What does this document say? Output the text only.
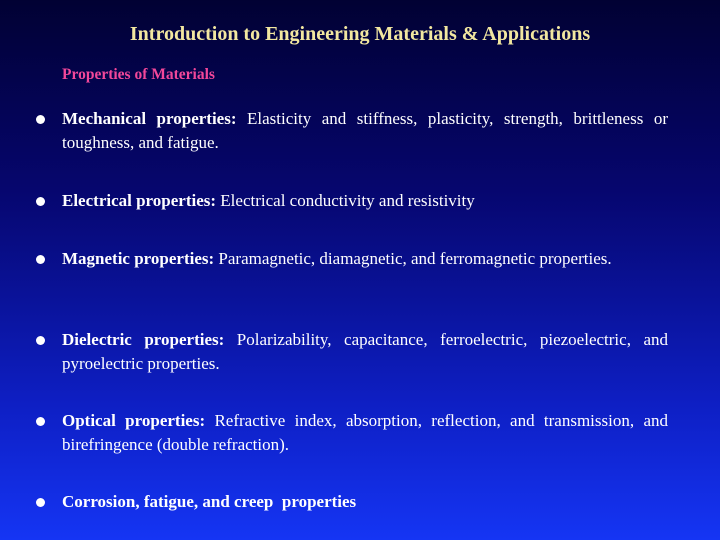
Introduction to Engineering Materials & Applications
Properties of Materials
Mechanical properties: Elasticity and stiffness, plasticity, strength, brittleness or toughness, and fatigue.
Electrical properties: Electrical conductivity and resistivity
Magnetic properties: Paramagnetic, diamagnetic, and ferromagnetic properties.
Dielectric properties: Polarizability, capacitance, ferroelectric, piezoelectric, and pyroelectric properties.
Optical properties: Refractive index, absorption, reflection, and transmission, and birefringence (double refraction).
Corrosion, fatigue, and creep  properties
